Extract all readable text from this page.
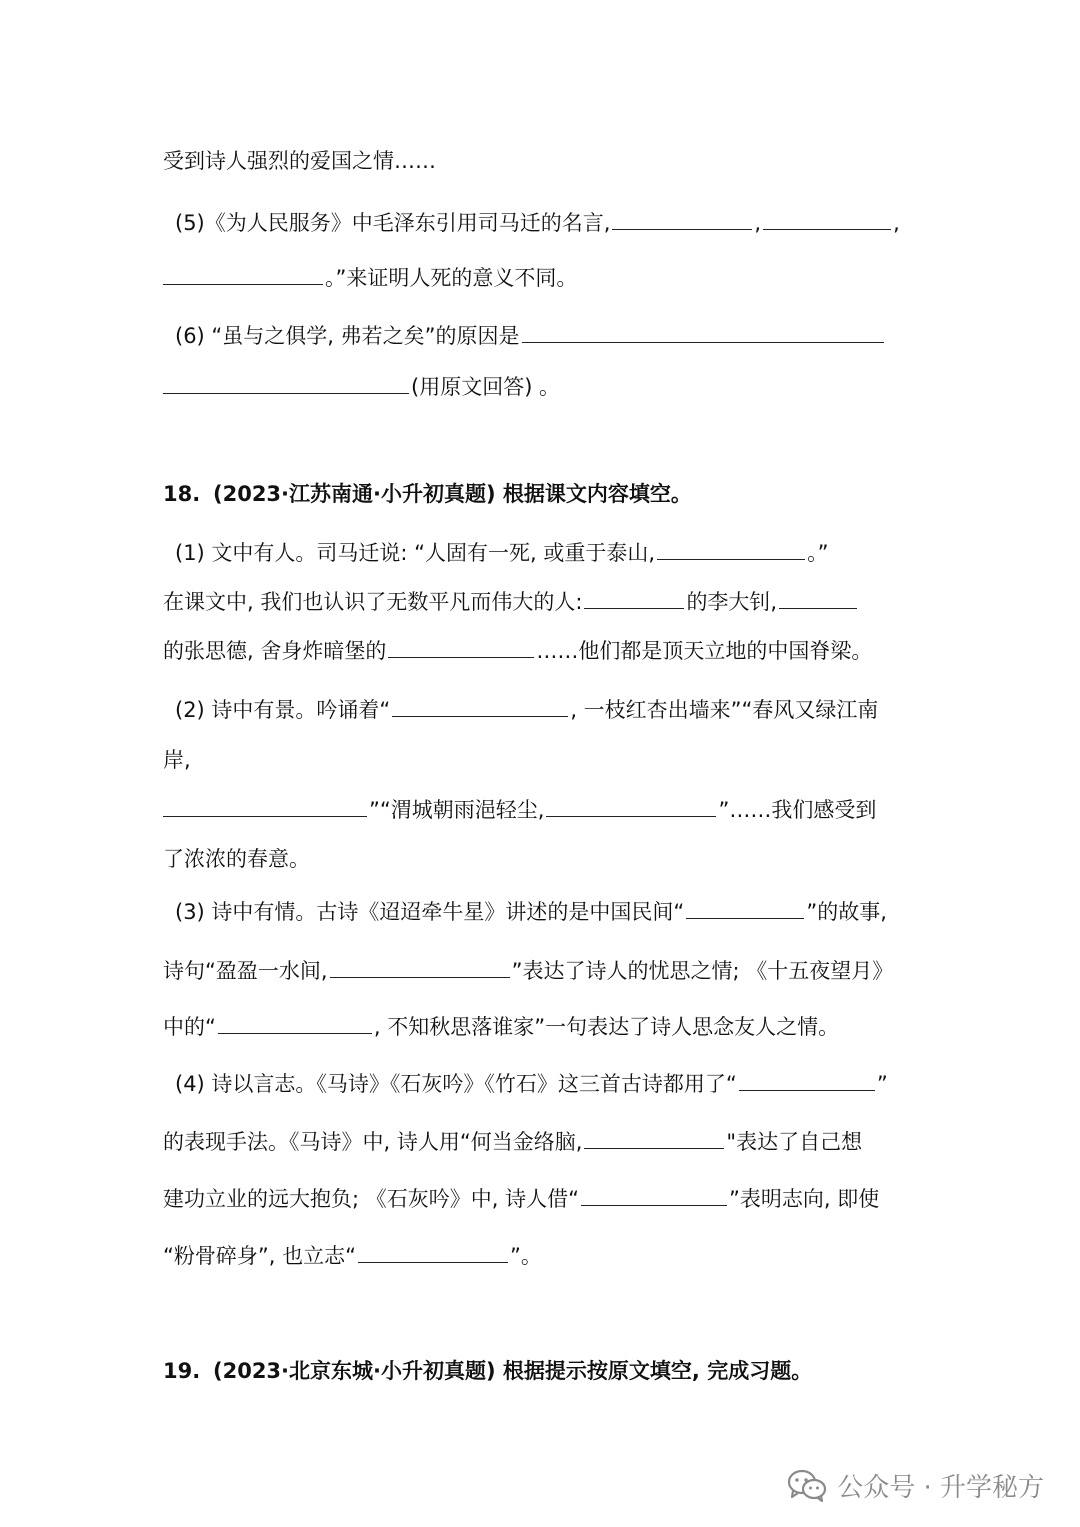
受到诗人强烈的爱国之情……
(5)《为人民服务》中毛泽东引用司马迁的名言,	,	,
。”来证明人死的意义不同。
(6) “虽与之俱学, 弗若之矣”的原因是
(用原文回答) 。
18. (2023·江苏南通·小升初真题) 根据课文内容填空。
(1) 文中有人。司马迁说: “人固有一死, 或重于泰山,	。”
在课文中, 我们也认识了无数平凡而伟大的人:	的李大钊,
的张思德, 舍身炸暗堡的	……他们都是顶天立地的中国脊梁。
(2) 诗中有景。吟诵着“	, 一枝红杏出墙来”“春风又绿江南
岸,
”“渭城朝雨浥轻尘,	”……我们感受到
了浓浓的春意。
(3) 诗中有情。古诗《迢迢牵牛星》讲述的是中国民间“	”的故事,
诗句“盈盈一水间,	”表达了诗人的忧思之情; 《十五夜望月》
中的“	, 不知秋思落谁家”一句表达了诗人思念友人之情。
(4) 诗以言志。《马诗》《石灰吟》《竹石》这三首古诗都用了“	”
的表现手法。《马诗》中, 诗人用“何当金络脑,	"表达了自己想
建功立业的远大抱负; 《石灰吟》中, 诗人借“	”表明志向, 即使
“粉骨碎身”, 也立志“	”。
19. (2023·北京东城·小升初真题) 根据提示按原文填空, 完成习题。
公众号 · 升学秘方
